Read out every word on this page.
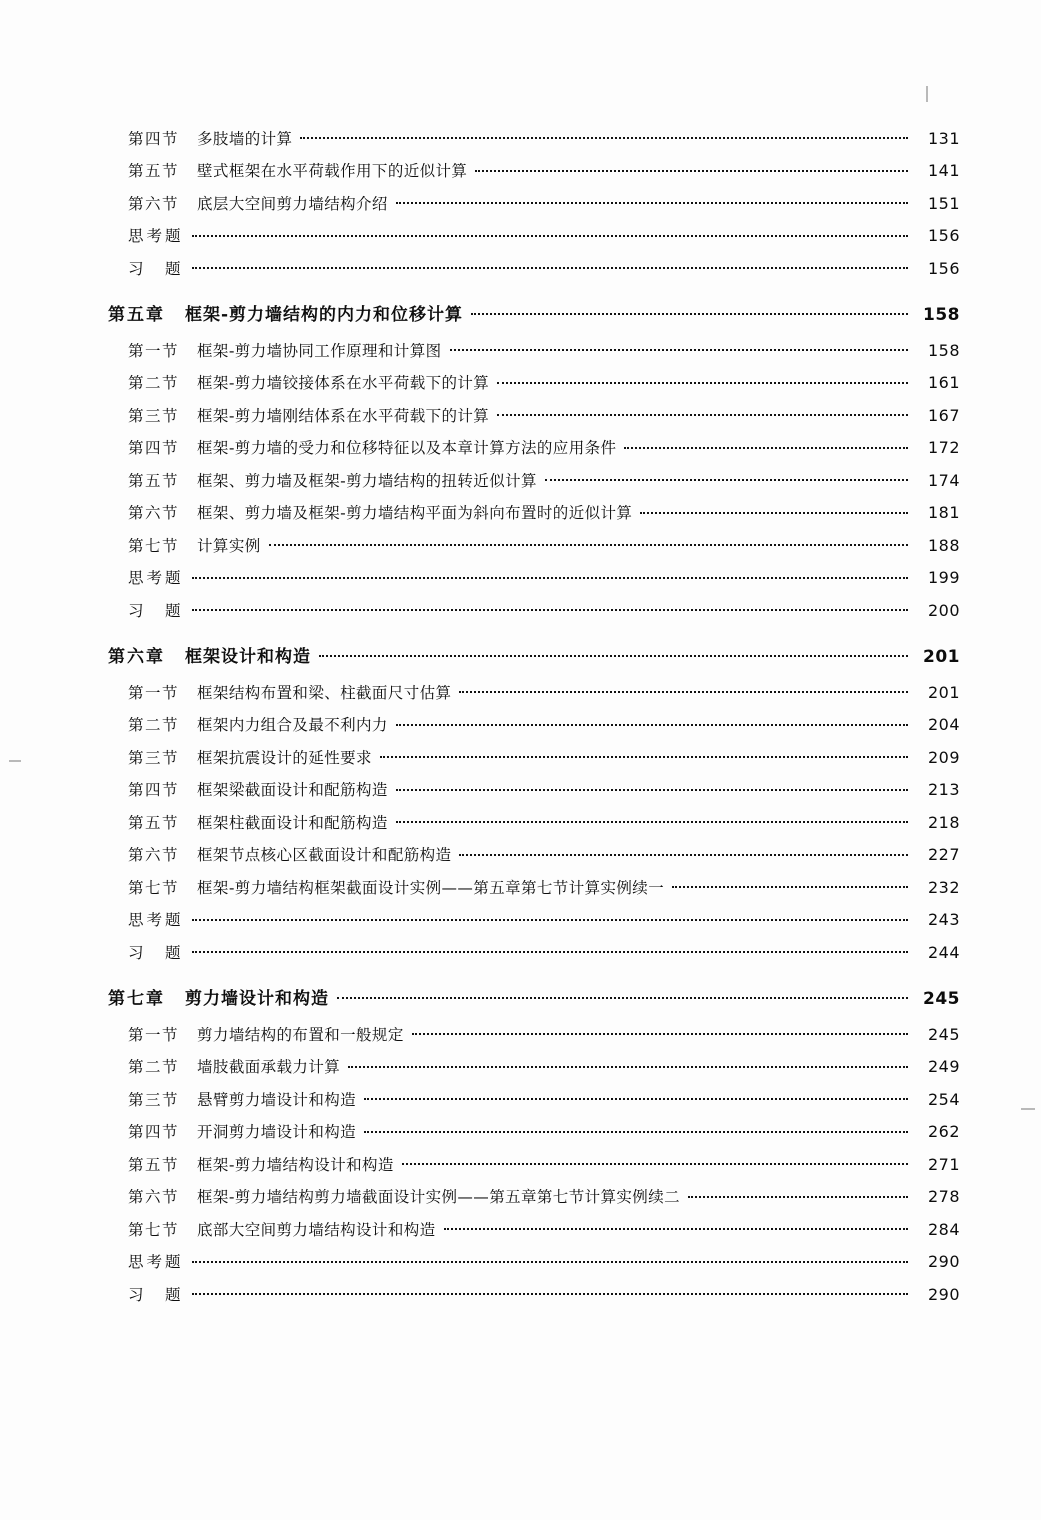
第四节 多肢墙的计算	131
第五节 壁式框架在水平荷载作用下的近似计算	141
第六节 底层大空间剪力墙结构介绍	151
思考题	156
习　题	156
第五章 框架-剪力墙结构的内力和位移计算	158
第一节 框架-剪力墙协同工作原理和计算图	158
第二节 框架-剪力墙铰接体系在水平荷载下的计算	161
第三节 框架-剪力墙刚结体系在水平荷载下的计算	167
第四节 框架-剪力墙的受力和位移特征以及本章计算方法的应用条件	172
第五节 框架、剪力墙及框架-剪力墙结构的扭转近似计算	174
第六节 框架、剪力墙及框架-剪力墙结构平面为斜向布置时的近似计算	181
第七节 计算实例	188
思考题	199
习　题	200
第六章 框架设计和构造	201
第一节 框架结构布置和梁、柱截面尺寸估算	201
第二节 框架内力组合及最不利内力	204
第三节 框架抗震设计的延性要求	209
第四节 框架梁截面设计和配筋构造	213
第五节 框架柱截面设计和配筋构造	218
第六节 框架节点核心区截面设计和配筋构造	227
第七节 框架-剪力墙结构框架截面设计实例——第五章第七节计算实例续一	232
思考题	243
习　题	244
第七章 剪力墙设计和构造	245
第一节 剪力墙结构的布置和一般规定	245
第二节 墙肢截面承载力计算	249
第三节 悬臂剪力墙设计和构造	254
第四节 开洞剪力墙设计和构造	262
第五节 框架-剪力墙结构设计和构造	271
第六节 框架-剪力墙结构剪力墙截面设计实例——第五章第七节计算实例续二	278
第七节 底部大空间剪力墙结构设计和构造	284
思考题	290
习　题	290
